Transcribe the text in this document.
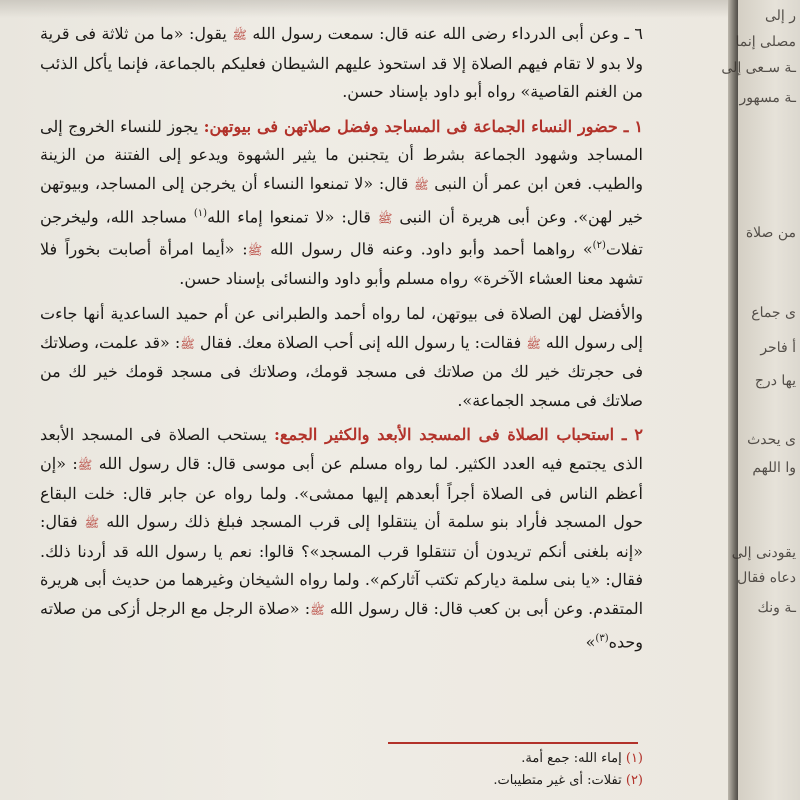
٦ ـ وعن أبى الدرداء رضى الله عنه قال: سمعت رسول الله ﷺ يقول: «ما من ثلاثة فى قرية ولا بدو لا تقام فيهم الصلاة إلا قد استحوذ عليهم الشيطان فعليكم بالجماعة، فإنما يأكل الذئب من الغنم القاصية» رواه أبو داود بإسناد حسن.

١ ـ حضور النساء الجماعة فى المساجد وفضل صلاتهن فى بيوتهن: يجوز للنساء الخروج إلى المساجد وشهود الجماعة بشرط أن يتجنبن ما يثير الشهوة ويدعو إلى الفتنة من الزينة والطيب. فعن ابن عمر أن النبى ﷺ قال: «لا تمنعوا النساء أن يخرجن إلى المساجد، وبيوتهن خير لهن». وعن أبى هريرة أن النبى ﷺ قال: «لا تمنعوا إماء الله$^{(١)}$ مساجد الله، وليخرجن تفلات$^{(٢)}$» رواهما أحمد وأبو داود. وعنه قال رسول الله ﷺ: «أيما امرأة أصابت بخوراً فلا تشهد معنا العشاء الآخرة» رواه مسلم وأبو داود والنسائى بإسناد حسن.

والأفضل لهن الصلاة فى بيوتهن، لما رواه أحمد والطبرانى عن أم حميد الساعدية أنها جاءت إلى رسول الله ﷺ فقالت: يا رسول الله إنى أحب الصلاة معك. فقال ﷺ: «قد علمت، وصلاتك فى حجرتك خير لك من صلاتك فى مسجد قومك، وصلاتك فى مسجد قومك خير لك من صلاتك فى مسجد الجماعة».

٢ ـ استحباب الصلاة فى المسجد الأبعد والكثير الجمع: يستحب الصلاة فى المسجد الأبعد الذى يجتمع فيه العدد الكثير. لما رواه مسلم عن أبى موسى قال: قال رسول الله ﷺ: «إن أعظم الناس فى الصلاة أجراً أبعدهم إليها ممشى». ولما رواه عن جابر قال: خلت البقاع حول المسجد فأراد بنو سلمة أن ينتقلوا إلى قرب المسجد فبلغ ذلك رسول الله ﷺ فقال: «إنه بلغنى أنكم تريدون أن تنتقلوا قرب المسجد»؟ قالوا: نعم يا رسول الله قد أردنا ذلك. فقال: «يا بنى سلمة دياركم تكتب آثاركم». ولما رواه الشيخان وغيرهما من حديث أبى هريرة المتقدم. وعن أبى بن كعب قال: قال رسول الله ﷺ: «صلاة الرجل مع الرجل أزكى من صلاته وحده$^{(٣)}$»

(١) إماء الله: جمع أمة.
(٢) تفلات: أى غير متطيبات.
ر إلى
مصلى إنما
ـة سـعى إلى
ـة مسهور
من صلاة
ى جماع
أ فاحر
يها درج
ى يحدث
وا اللهم
يقودنى إلى
دعاه فقال
ـة ونك
